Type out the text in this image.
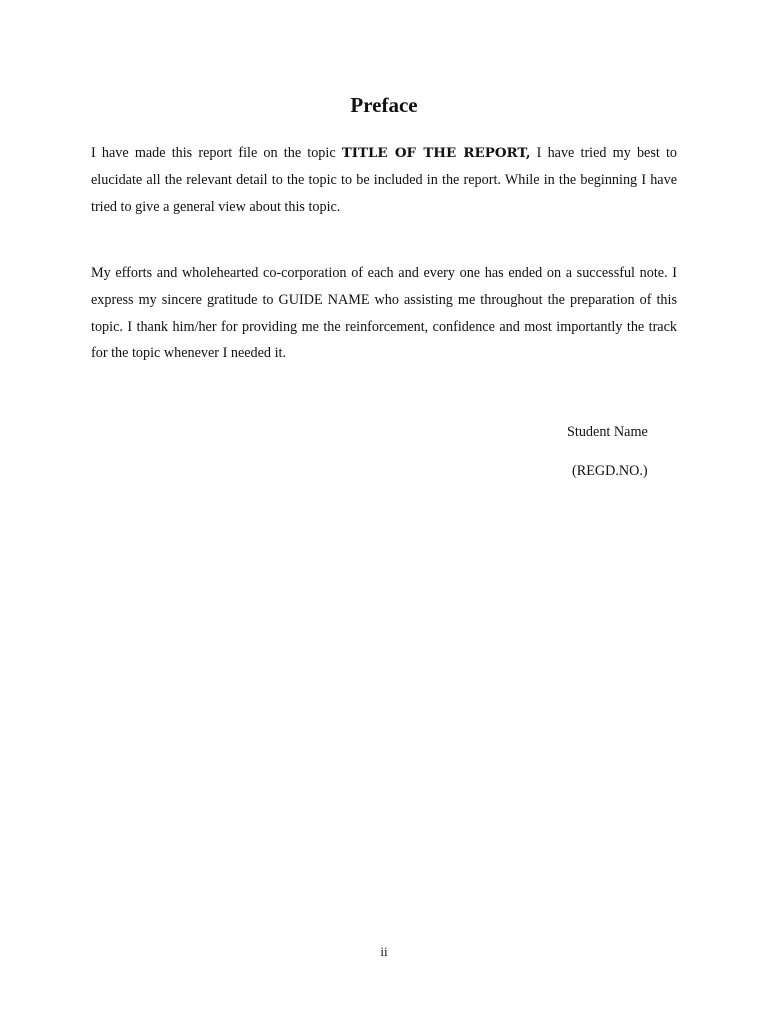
Preface

I have made this report file on the topic TITLE OF THE REPORT, I have tried my best to elucidate all the relevant detail to the topic to be included in the report. While in the beginning I have tried to give a general view about this topic.

My efforts and wholehearted co-corporation of each and every one has ended on a successful note. I express my sincere gratitude to GUIDE NAME who assisting me throughout the preparation of this topic. I thank him/her for providing me the reinforcement, confidence and most importantly the track for the topic whenever I needed it.

Student Name
(REGD.NO.)
ii
